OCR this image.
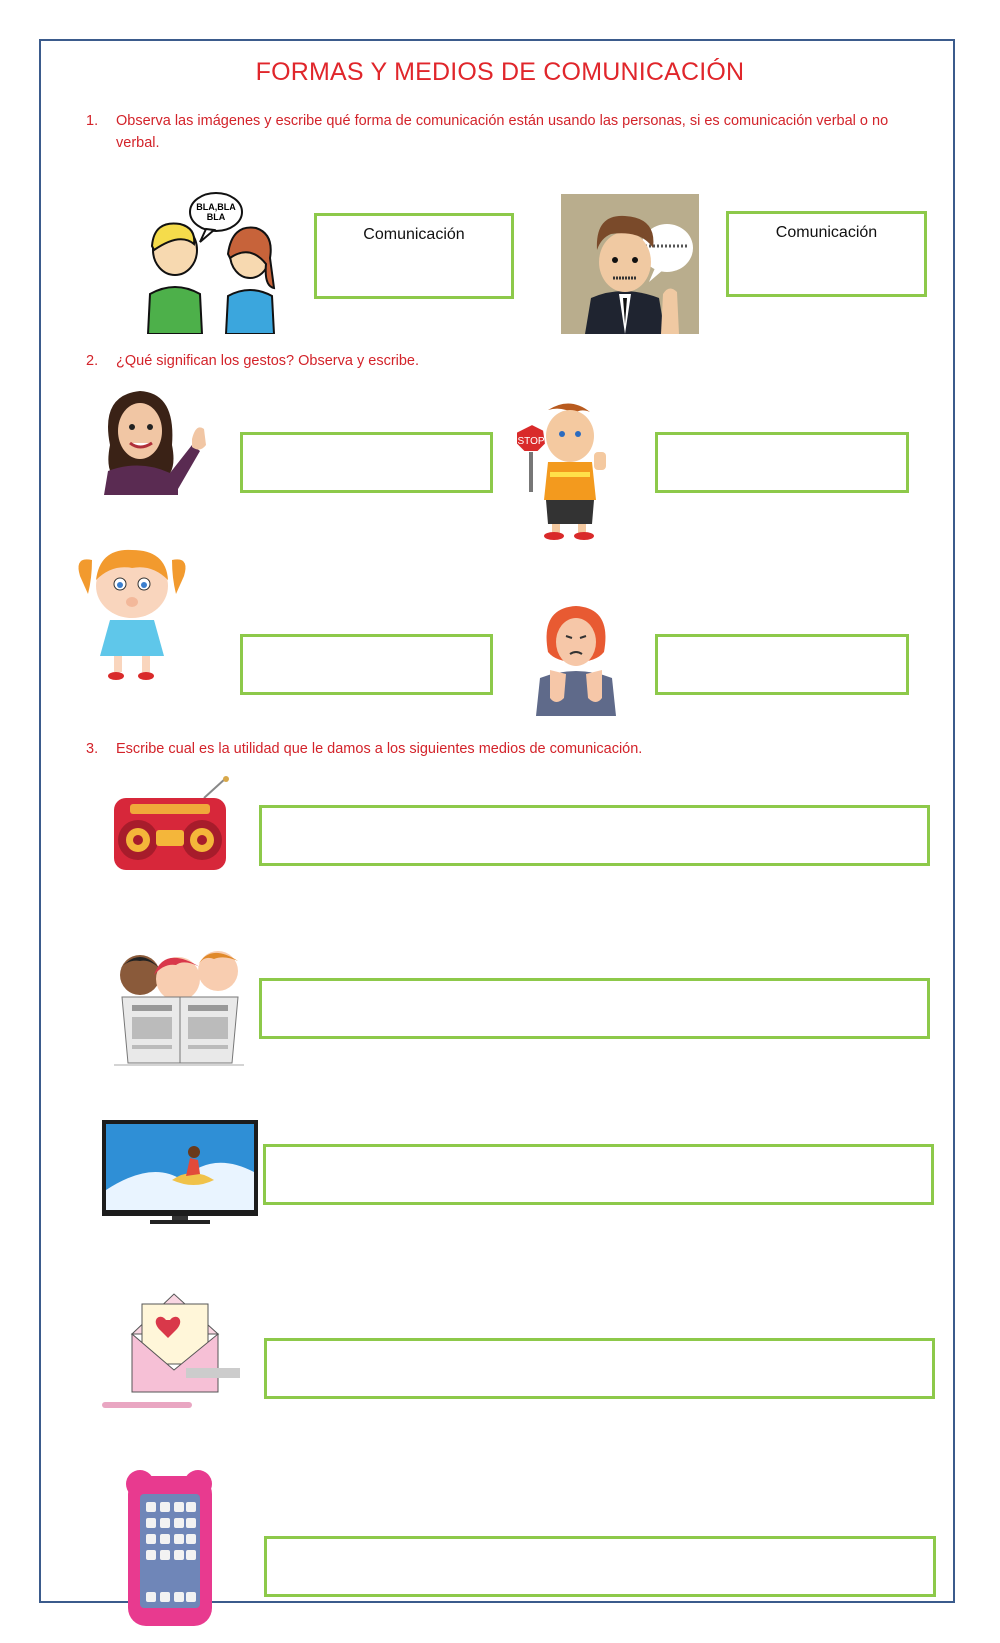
FORMAS Y MEDIOS DE COMUNICACIÓN
1. Observa las imágenes y escribe qué forma de comunicación están usando las personas, si es comunicación verbal o no
verbal.
BLA,BLA
BLA
Comunicación	Comunicación
2. ¿Qué significan los gestos? Observa y escribe.
STOP
3. Escribe cual es la utilidad que le damos a los siguientes medios de comunicación.
